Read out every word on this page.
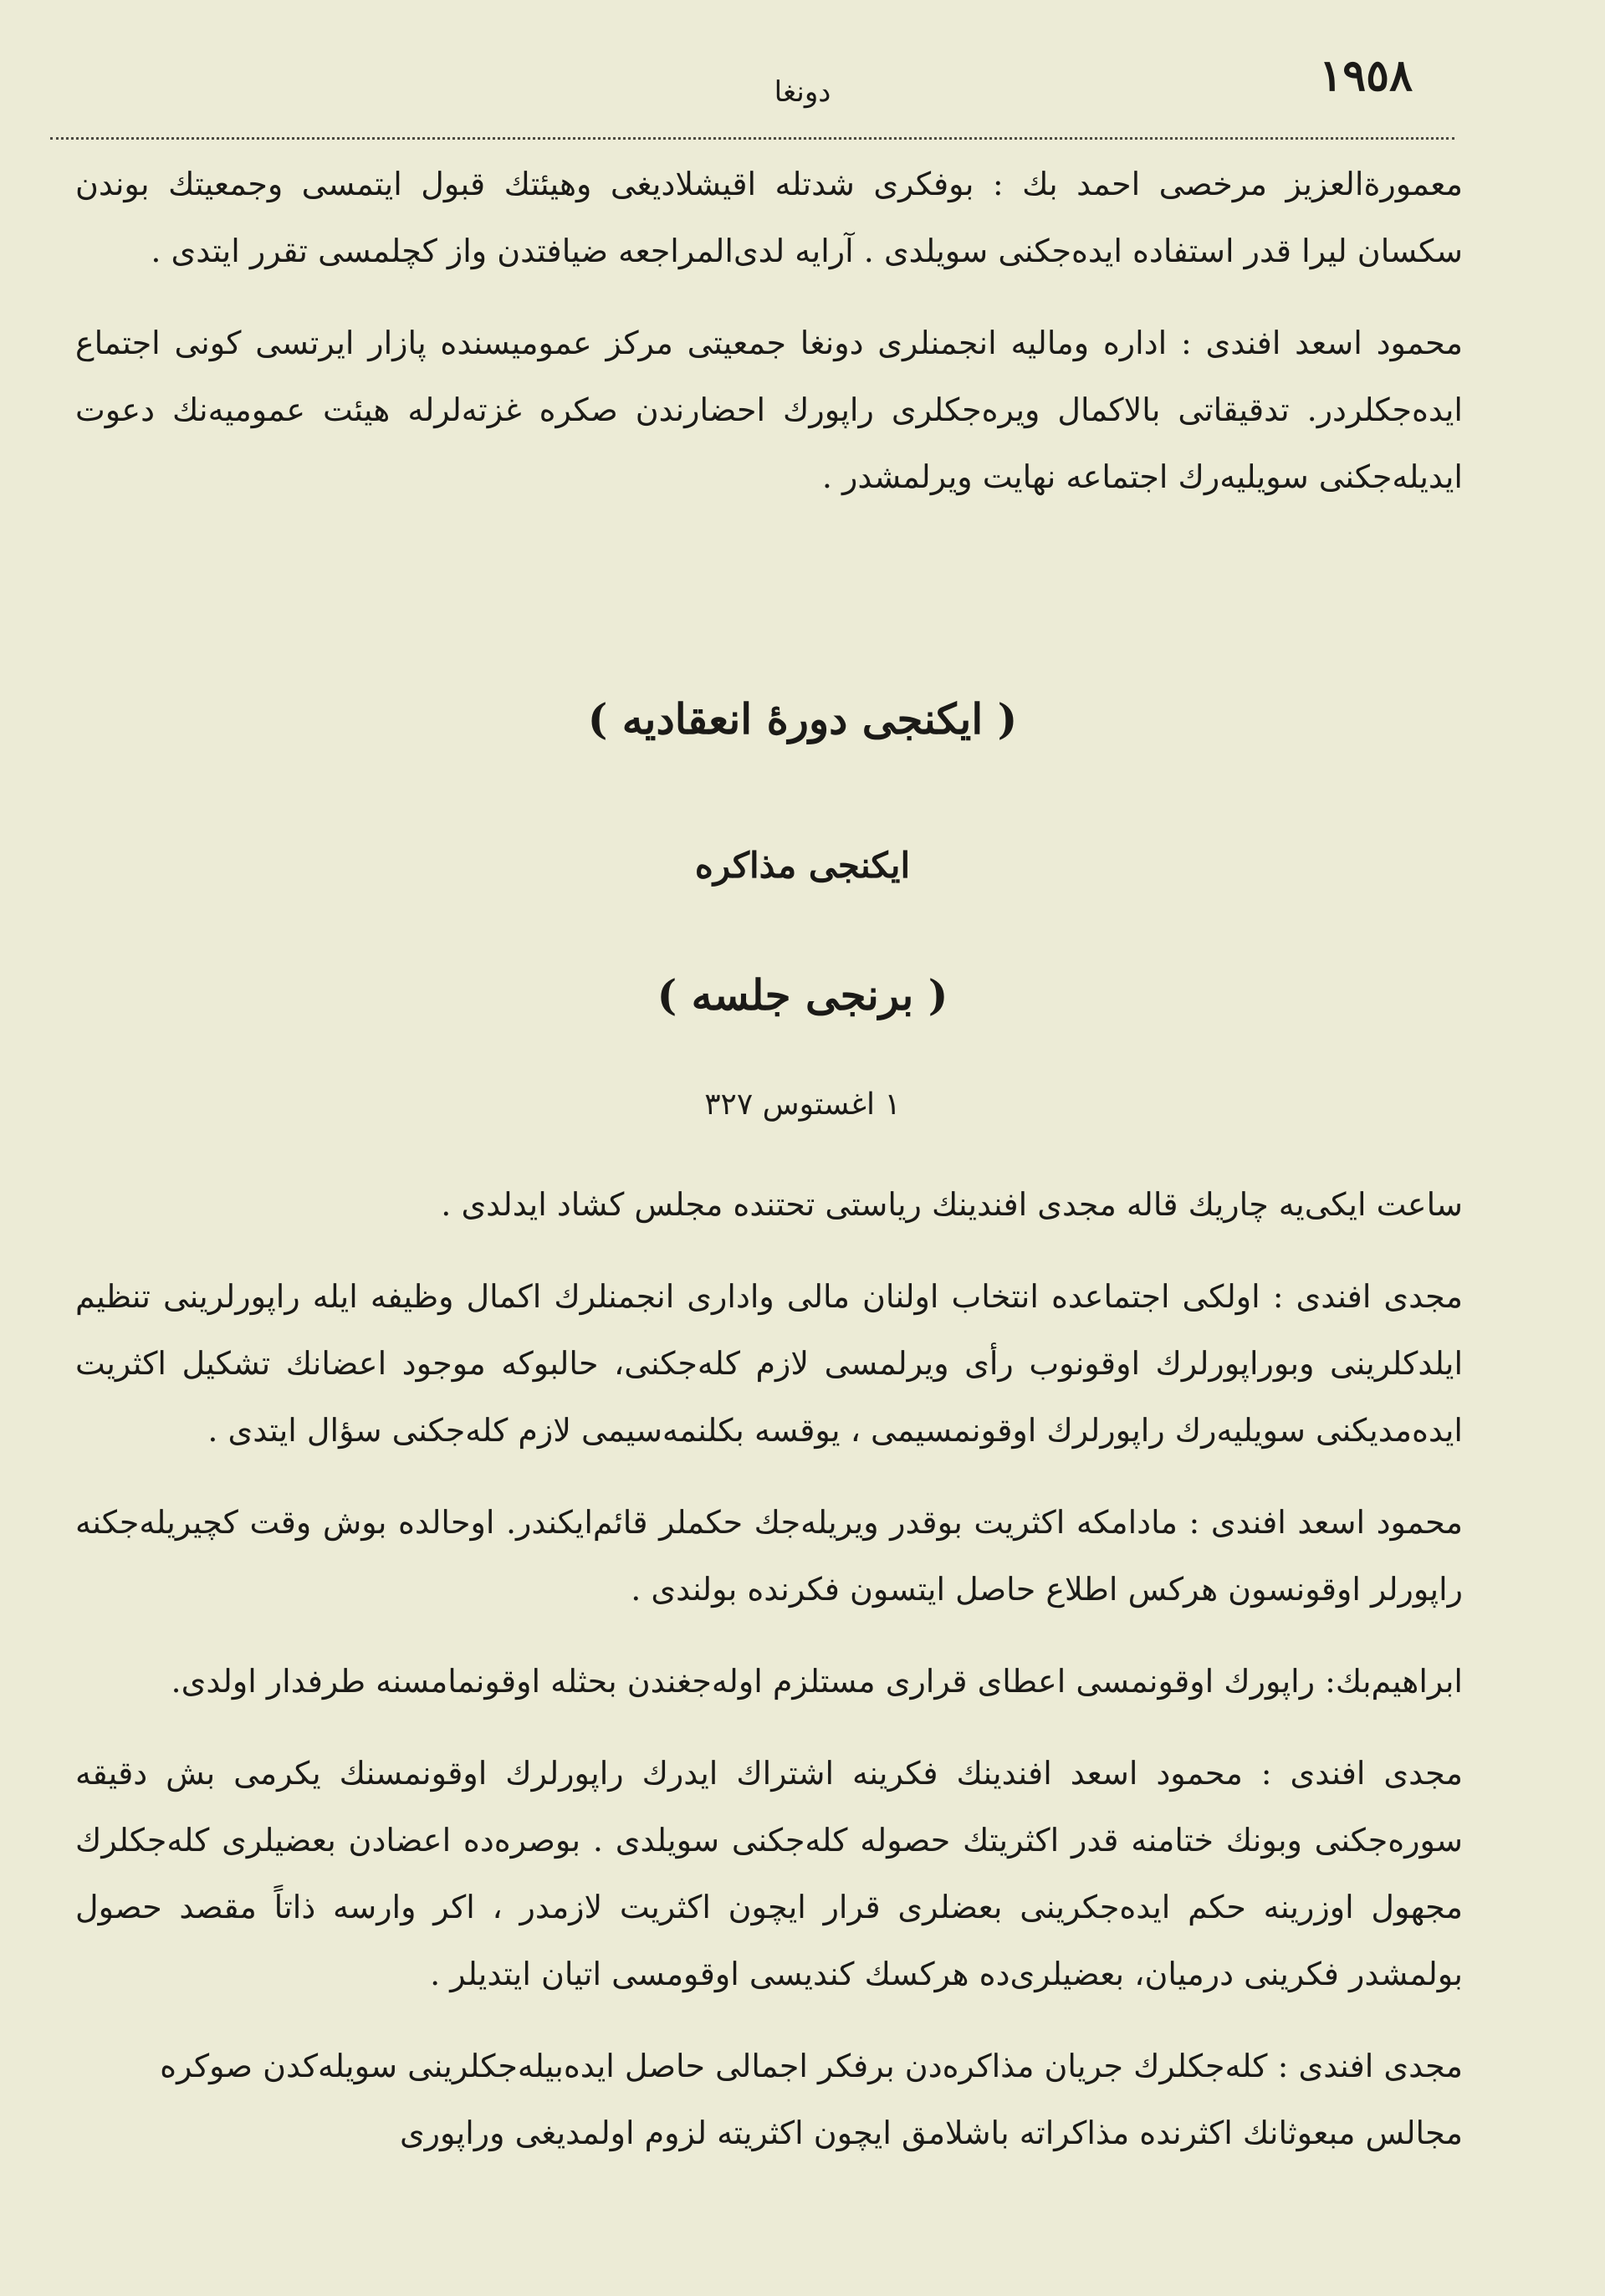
١٩٥٨
دونغا

معمورةالعزيز مرخصی احمد بك : بوفكری شدتله اقیشلادیغی وهیئتك قبول ایتمسی وجمعیتك بوندن سكسان لیرا قدر استفاده ایده‌جكنی سویلدی . آرایه لدی‌المراجعه ضیافتدن واز كچلمسی تقرر ایتدی .

محمود اسعد افندی : اداره ومالیه انجمنلری دونغا جمعیتی مرکز عمومیسنده پازار ایرتسی كونی اجتماع ایده‌جكلردر. تدقیقاتی بالاكمال ویره‌جكلری راپورك احضارندن صكره غزته‌لرله هیئت عمومیه‌نك دعوت ایدیله‌جكنی سویلیه‌رك اجتماعه نهایت ویرلمشدر .

( ایكنجی دورهٔ انعقادیه )
ایكنجی مذاكره
( برنجی جلسه )
١ اغستوس ٣٢٧

ساعت ایكی‌یه چاریك قاله مجدی افندینك ریاستی تحتنده مجلس كشاد ایدلدی .

مجدی افندی : اولكی اجتماعده انتخاب اولنان مالی واداری انجمنلرك اكمال وظیفه ایله راپورلرینی تنظیم ایلدكلرینی وبوراپورلرك اوقونوب رأی ویرلمسی لازم كله‌جكنی، حالبوكه موجود اعضانك تشكیل اكثریت ایده‌مدیكنی سویلیه‌رك راپورلرك اوقونمسیمی ، یوقسه بكلنمه‌سیمی لازم كله‌جكنی سؤال ایتدی .

محمود اسعد افندی : مادامكه اكثریت بوقدر ویریله‌جك حكملر قائم‌ایكندر. اوحالده بوش وقت كچیریله‌جكنه راپورلر اوقونسون هركس اطلاع حاصل ایتسون فكرنده بولندی .

ابراهیم‌بك: راپورك اوقونمسی اعطای قراری مستلزم اوله‌جغندن بحثله اوقونمامسنه طرفدار اولدی.

مجدی افندی : محمود اسعد افندینك فكرینه اشتراك ایدرك راپورلرك اوقونمسنك یكرمی بش دقیقه سوره‌جكنی وبونك ختامنه قدر اكثریتك حصوله كله‌جكنی سویلدی . بوصره‌ده اعضادن بعضیلری كله‌جكلرك مجهول اوزرینه حكم ایده‌جكرینی بعضلری قرار ایچون اكثریت لازمدر ، اكر وارسه ذاتاً مقصد حصول بولمشدر فكرینی درمیان، بعضیلری‌ده هركسك كندیسی اوقومسی اتیان ایتدیلر .

مجدی افندی : كله‌جكلرك جریان مذاكره‌دن برفكر اجمالی حاصل ایده‌بیله‌جكلرینی سویله‌كدن صوكره مجالس مبعوثانك اكثرنده مذاكراته باشلامق ایچون اكثریته لزوم اولمدیغی وراپوری
